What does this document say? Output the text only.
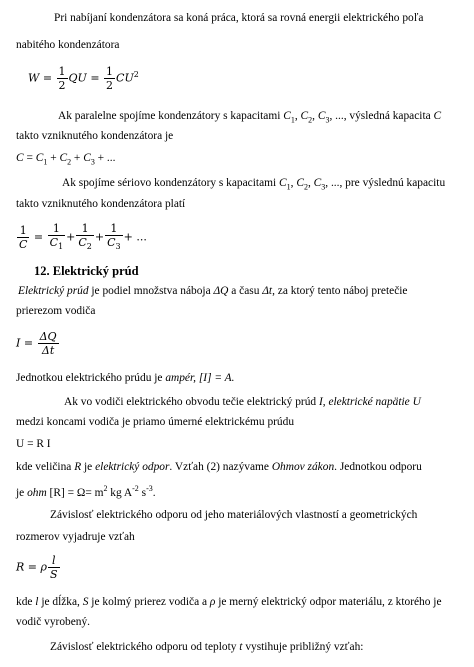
Pri nabíjaní kondenzátora sa koná práca, ktorá sa rovná energii elektrického poľa
nabitého kondenzátora
$W = \frac{1}{2}$ QU = $\frac{1}{2} CU^2$
Ak paralelne spojíme kondenzátory s kapacitami $C_1$, $C_2$, $C_3$, ..., výsledná kapacita C
takto vzniknutého kondenzátora je
$C = C_1 + C_2 + C_3$ + ...
Ak spojíme sériovo kondenzátory s kapacitami $C_1$, $C_2$, $C_3$, ..., pre výslednú kapacitu
takto vzniknutého kondenzátora platí
$\frac{1}{C} = \frac{1}{C_1} + \frac{1}{C_2} + \frac{1}{C_3}$ + ...
12. Elektrický prúd
Elektrický prúd je podiel množstva náboja ΔQ a času Δt, za ktorý tento náboj pretečie
prierezom vodiča
$I = \frac{\Delta Q}{\Delta t}$
Jednotkou elektrického prúdu je ampér, [I] = A.
Ak vo vodiči elektrického obvodu tečie elektrický prúd I, elektrické napätie U
medzi koncami vodiča je priamo úmerné elektrickému prúdu
U = R I
kde veličina R je elektrický odpor. Vzťah (2) nazývame Ohmov zákon. Jednotkou odporu
je ohm $[R] = \Omega= m^2$ kg $A^{-2}$ $s^{-3}$.
Závislosť elektrického odporu od jeho materiálových vlastností a geometrických
rozmerov vyjadruje vzťah
R = ρ $\frac{l}{S}$
kde l je dĺžka, S je kolmý prierez vodiča a ρ je merný elektrický odpor materiálu, z ktorého je
vodič vyrobený.
Závislosť elektrického odporu od teploty t vystihuje približný vzťah:
